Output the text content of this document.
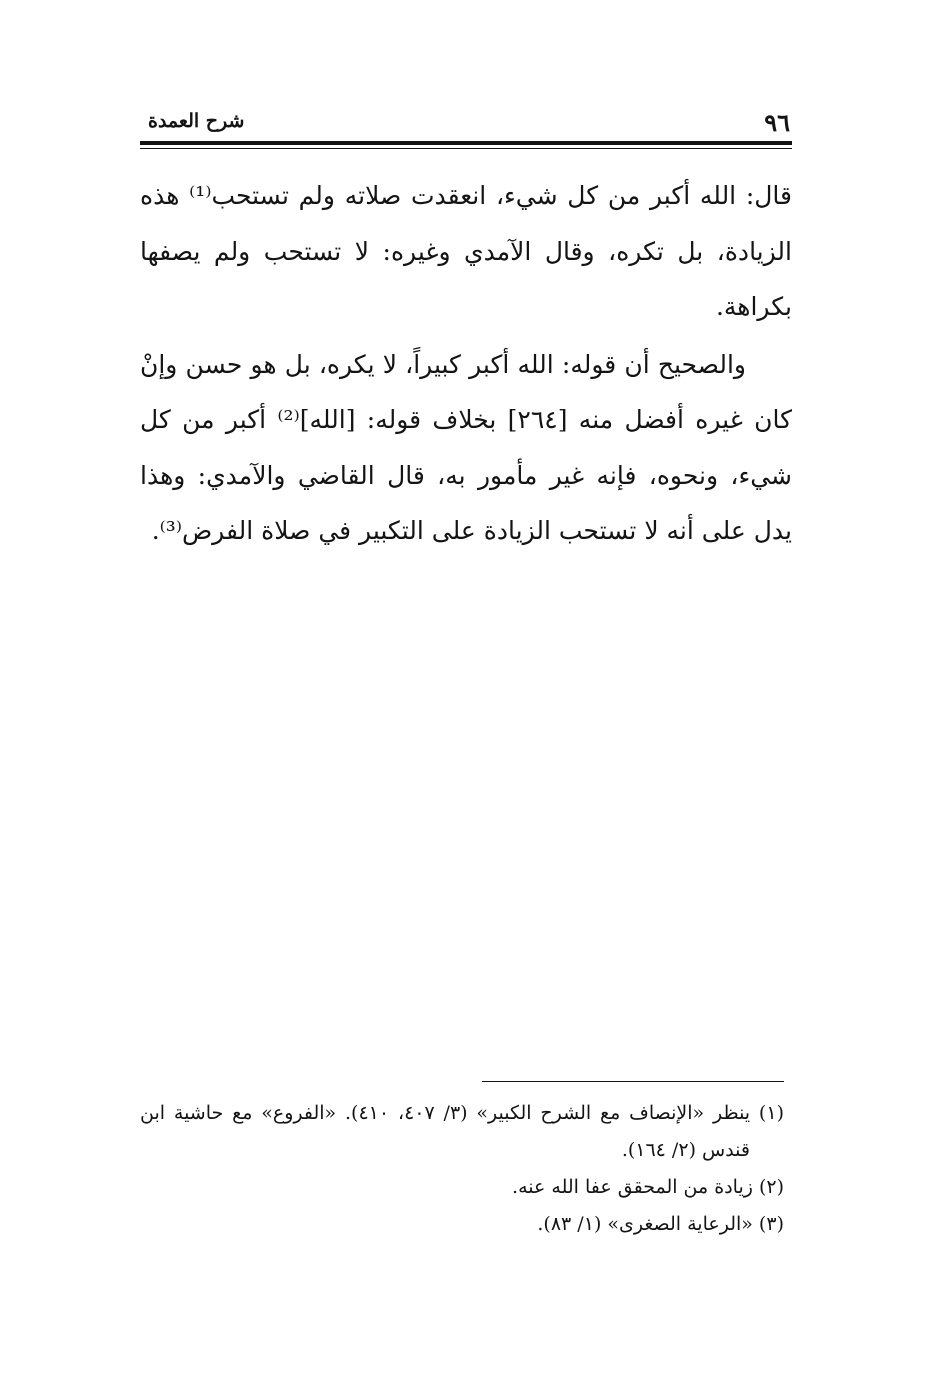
شرح العمدة	٩٦

قال: الله أكبر من كل شيء، انعقدت صلاته ولم تستحب⁽¹⁾ هذه الزيادة، بل تكره، وقال الآمدي وغيره: لا تستحب ولم يصفها بكراهة.

والصحيح أن قوله: الله أكبر كبيراً، لا يكره، بل هو حسن وإنْ كان غيره أفضل منه [٢٦٤] بخلاف قوله: [الله]⁽²⁾ أكبر من كل شيء، ونحوه، فإنه غير مأمور به، قال القاضي والآمدي: وهذا يدل على أنه لا تستحب الزيادة على التكبير في صلاة الفرض⁽³⁾.

(١) ينظر «الإنصاف مع الشرح الكبير» (٣/ ٤٠٧، ٤١٠). «الفروع» مع حاشية ابن قندس (٢/ ١٦٤).

(٢) زيادة من المحقق عفا الله عنه.

(٣) «الرعاية الصغرى» (١/ ٨٣).
